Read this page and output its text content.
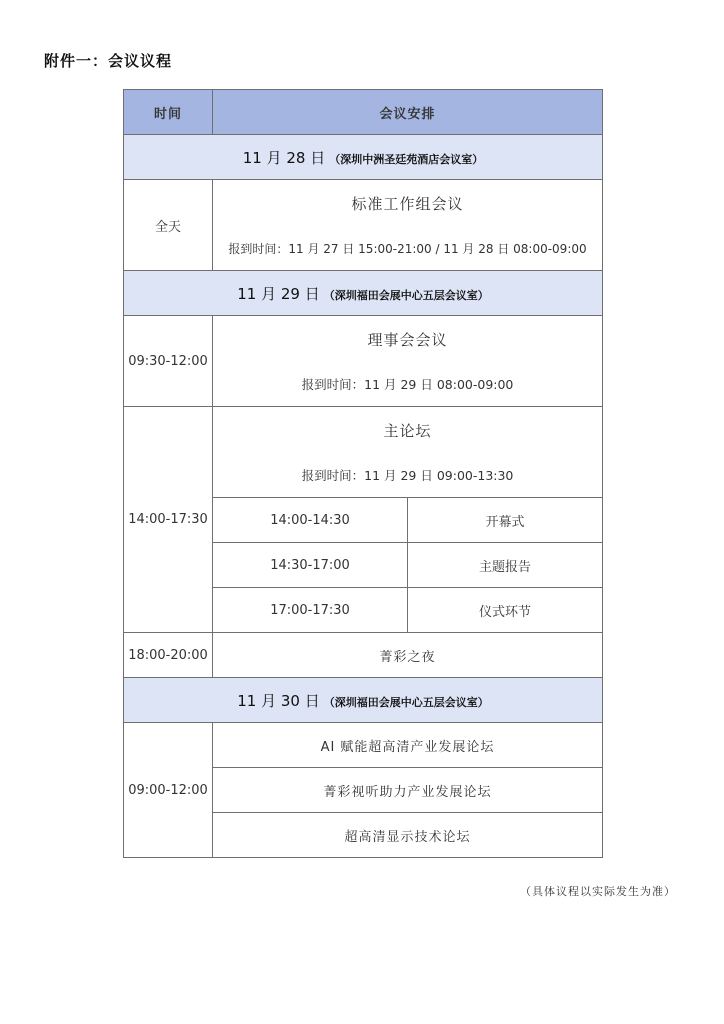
附件一：会议议程
时间	会议安排	
11 月 28 日 （深圳中洲圣廷苑酒店会议室）		
全天	标准工作组会议
报到时间：11 月 27 日 15:00-21:00 / 11 月 28 日 08:00-09:00	

11 月 29 日 （深圳福田会展中心五层会议室）		
09:30-12:00	理事会会议
报到时间：11 月 29 日 08:00-09:00	

14:00-17:30	主论坛
报到时间：11 月 29 日 09:00-13:30	

	14:00-14:30	开幕式
	14:30-17:00	主题报告
	17:00-17:30	仪式环节
18:00-20:00	菁彩之夜	
11 月 30 日 （深圳福田会展中心五层会议室）		
09:00-12:00	AI 赋能超高清产业发展论坛	
	菁彩视听助力产业发展论坛	
	超高清显示技术论坛	
（具体议程以实际发生为准）
